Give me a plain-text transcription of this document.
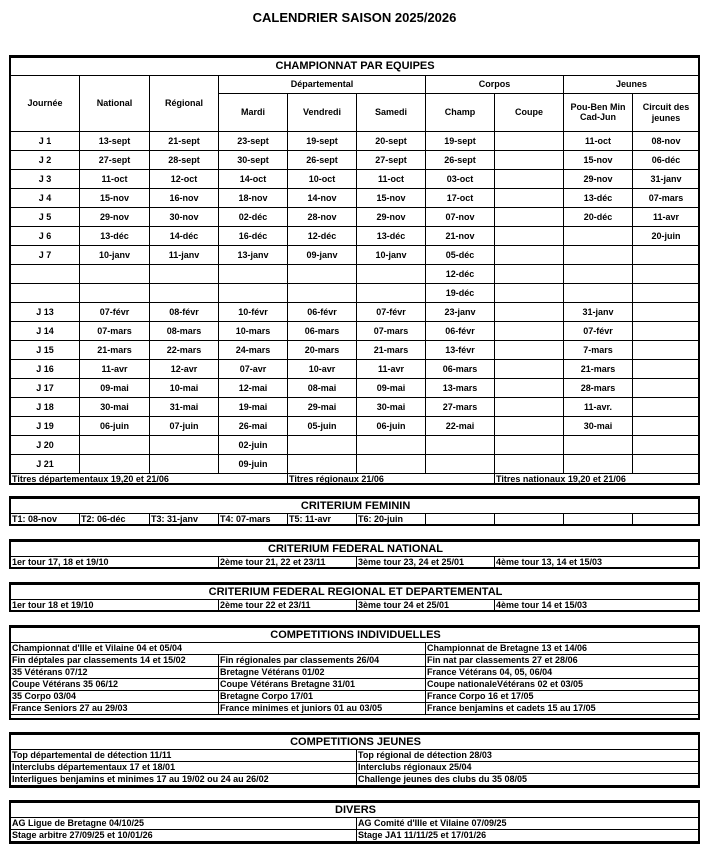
CALENDRIER SAISON 2025/2026
CHAMPIONNAT PAR EQUIPES									
Journée	National	Régional	Départemental			Corpos		Jeunes	
			Mardi	Vendredi	Samedi	Champ	Coupe	Pou-Ben Min Cad-Jun	Circuit des jeunes
J 1	13-sept	21-sept	23-sept	19-sept	20-sept	19-sept		11-oct	08-nov
J 2	27-sept	28-sept	30-sept	26-sept	27-sept	26-sept		15-nov	06-déc
J 3	11-oct	12-oct	14-oct	10-oct	11-oct	03-oct		29-nov	31-janv
J 4	15-nov	16-nov	18-nov	14-nov	15-nov	17-oct		13-déc	07-mars
J 5	29-nov	30-nov	02-déc	28-nov	29-nov	07-nov		20-déc	11-avr
J 6	13-déc	14-déc	16-déc	12-déc	13-déc	21-nov			20-juin
J 7	10-janv	11-janv	13-janv	09-janv	10-janv	05-déc			
						12-déc			
						19-déc			
J 13	07-févr	08-févr	10-févr	06-févr	07-févr	23-janv		31-janv	
J 14	07-mars	08-mars	10-mars	06-mars	07-mars	06-févr		07-févr	
J 15	21-mars	22-mars	24-mars	20-mars	21-mars	13-févr		7-mars	
J 16	11-avr	12-avr	07-avr	10-avr	11-avr	06-mars		21-mars	
J 17	09-mai	10-mai	12-mai	08-mai	09-mai	13-mars		28-mars	
J 18	30-mai	31-mai	19-mai	29-mai	30-mai	27-mars		11-avr.	
J 19	06-juin	07-juin	26-mai	05-juin	06-juin	22-mai		30-mai	
J 20			02-juin						
J 21			09-juin						
Titres départementaux 19,20 et 21/06				Titres régionaux 21/06			Titres nationaux 19,20 et 21/06		
CRITERIUM FEMININ
T1: 08-nov	T2: 06-déc	T3: 31-janv	T4: 07-mars	T5: 11-avr	T6: 20-juin				
CRITERIUM FEDERAL NATIONAL
1er tour 17, 18 et 19/10	2ème tour 21, 22 et 23/11	3ème tour 23, 24 et 25/01	4ème tour 13, 14 et 15/03
CRITERIUM FEDERAL REGIONAL ET DEPARTEMENTAL
1er tour 18 et 19/10	2ème tour 22 et 23/11	3ème tour 24 et 25/01	4ème tour 14 et 15/03
COMPETITIONS INDIVIDUELLES		
Championnat d'Ille et Vilaine 04 et 05/04		Championnat de Bretagne 13 et 14/06
Fin déptales par classements 14 et 15/02	Fin régionales par classements 26/04	Fin nat par classements 27 et 28/06
35 Vétérans 07/12	Bretagne Vétérans 01/02	France Vétérans 04, 05, 06/04
Coupe Vétérans 35 06/12	Coupe Vétérans Bretagne 31/01	Coupe nationaleVétérans 02 et 03/05
35 Corpo 03/04	Bretagne Corpo 17/01	France Corpo 16 et 17/05
France Seniors 27 au 29/03	France minimes et juniors 01 au 03/05	France benjamins et cadets 15 au 17/05
COMPETITIONS JEUNES	
Top départemental de détection 11/11	Top régional de détection 28/03
Interclubs départementaux 17 et 18/01	Interclubs régionaux 25/04
Interligues benjamins et minimes 17 au 19/02 ou 24 au 26/02	Challenge jeunes des clubs du 35 08/05
DIVERS	
AG Ligue de Bretagne 04/10/25	AG Comité d'Ille et Vilaine 07/09/25
Stage arbitre 27/09/25 et 10/01/26	Stage JA1 11/11/25 et 17/01/26
